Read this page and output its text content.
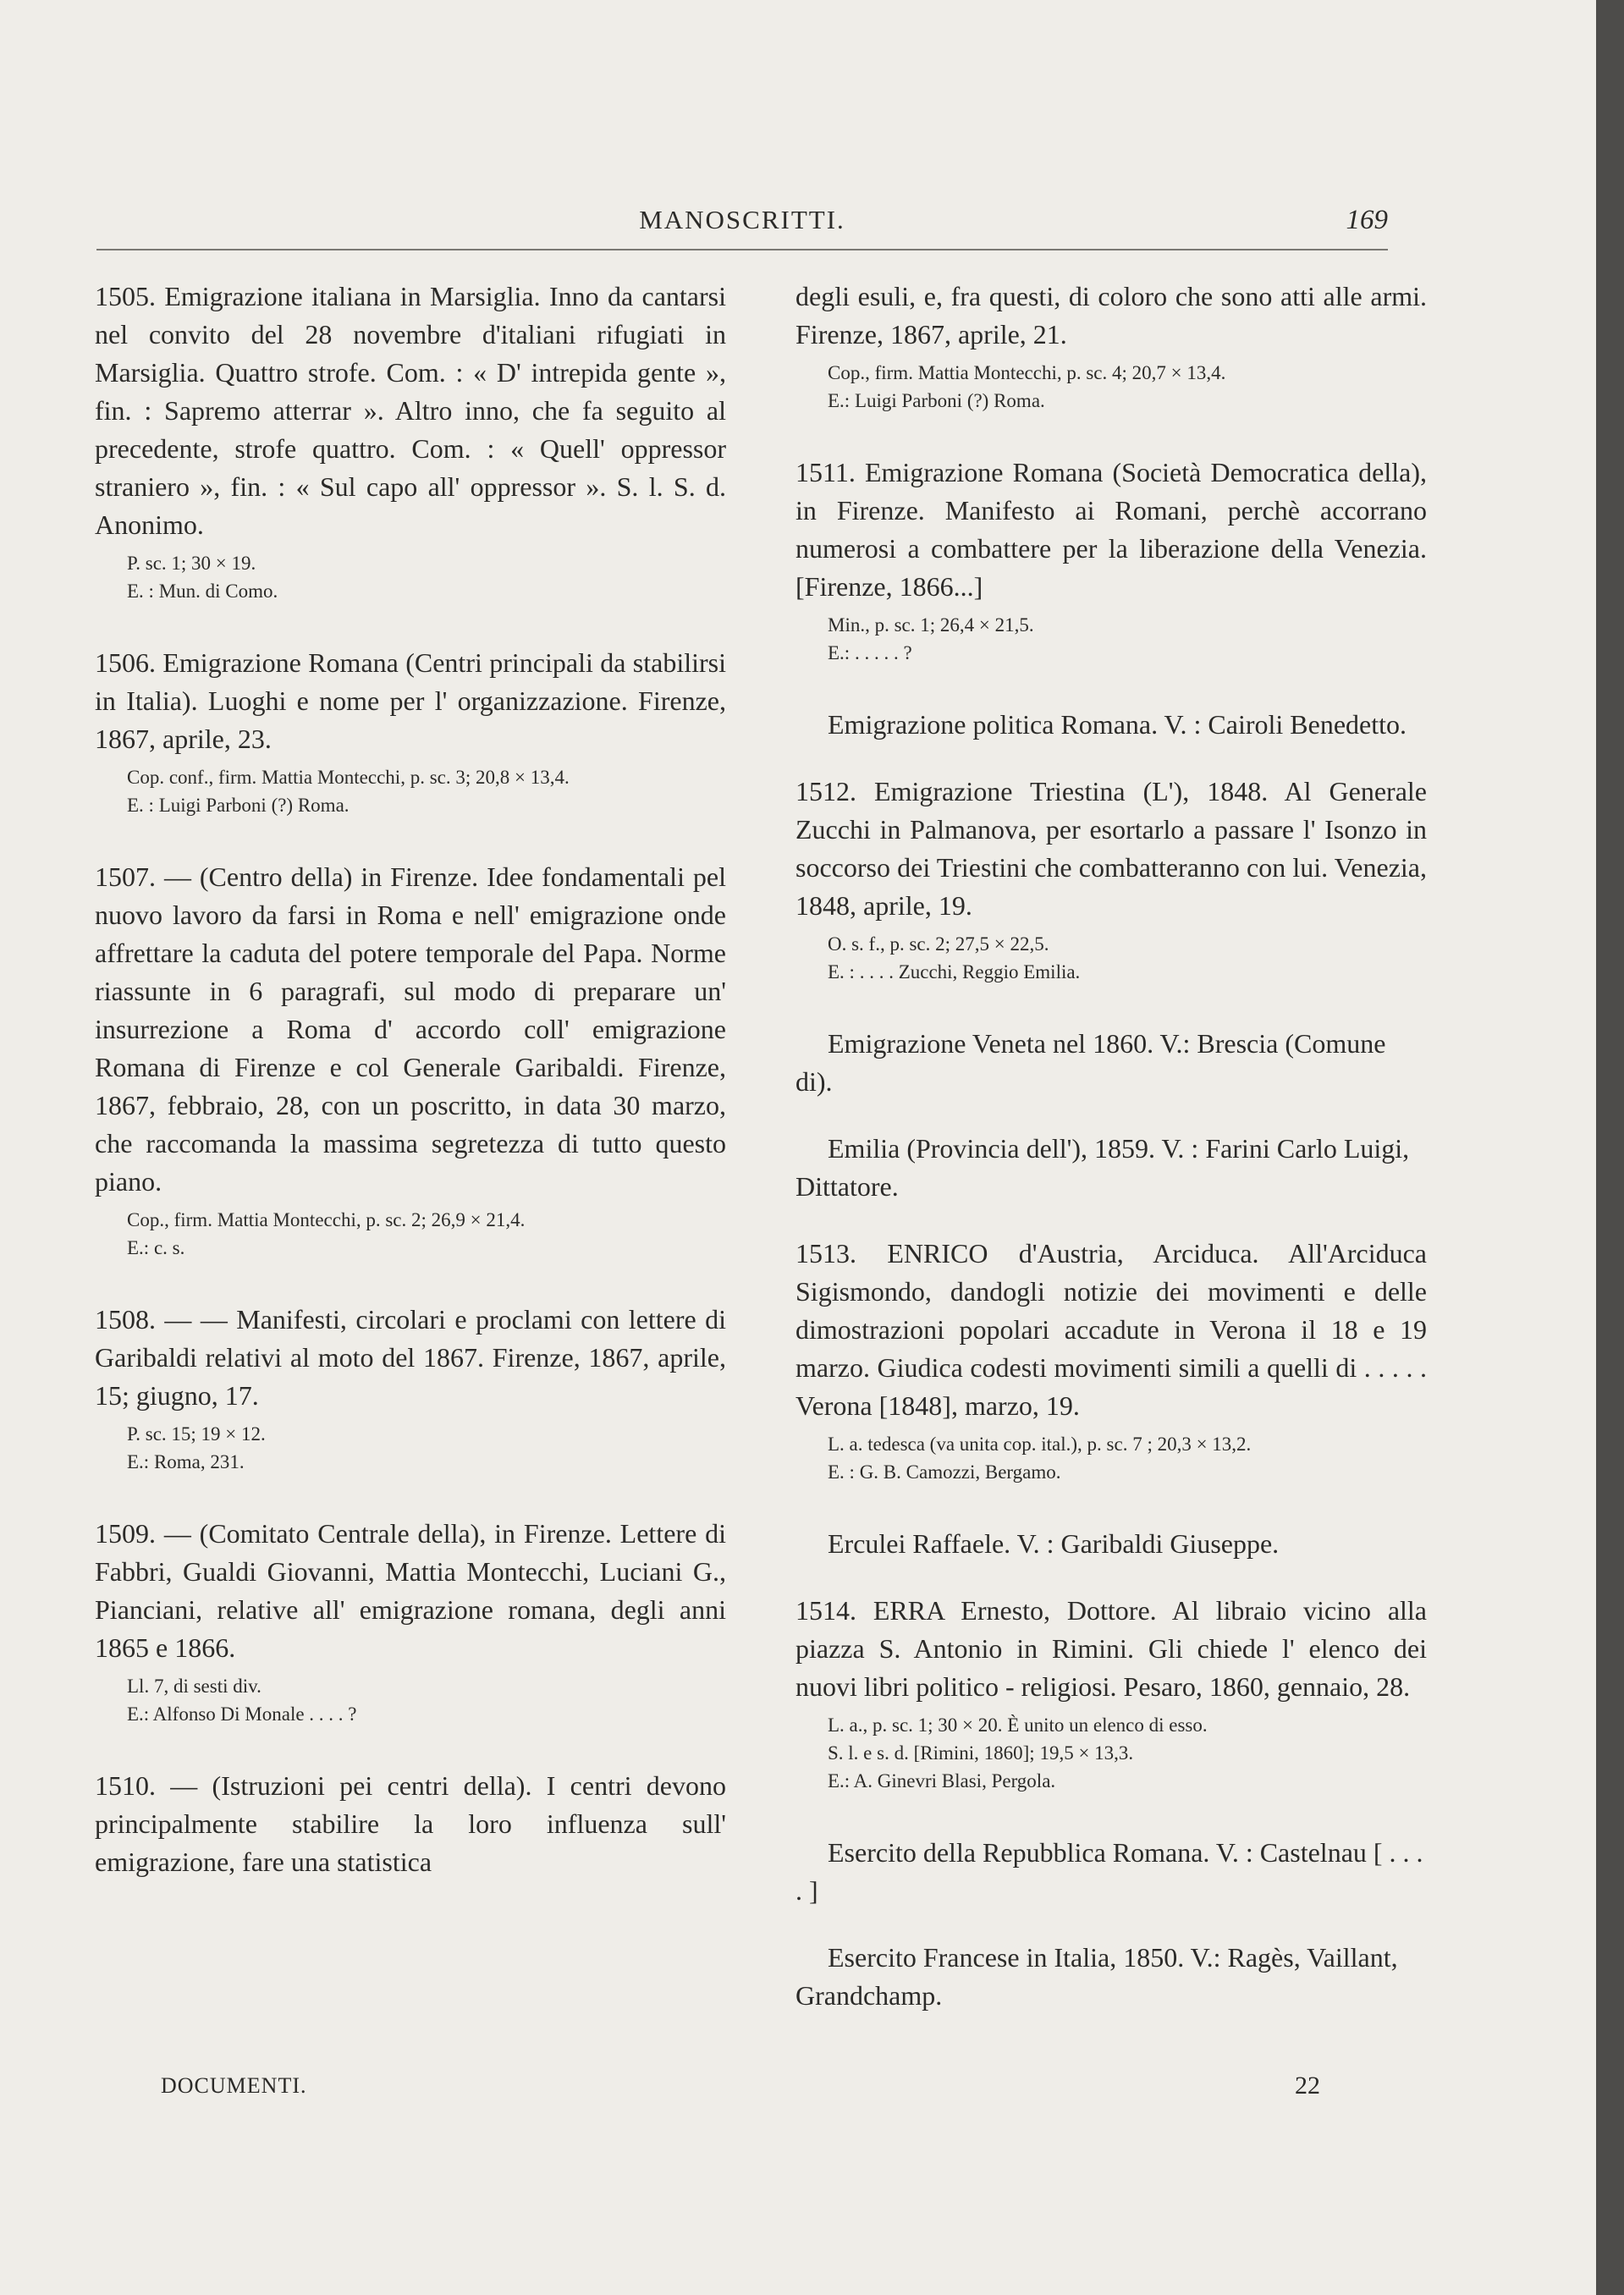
MANOSCRITTI.	169

1505. Emigrazione italiana in Marsiglia. Inno da cantarsi nel convito del 28 novembre d'italiani rifugiati in Marsiglia. Quattro strofe. Com. : « D' intrepida gente », fin. : Sapremo atterrar ». Altro inno, che fa seguito al precedente, strofe quattro. Com. : « Quell' oppressor straniero », fin. : « Sul capo all' oppressor ». S. l. S. d. Anonimo.

P. sc. 1; 30 × 19.
E. : Mun. di Como.

1506. Emigrazione Romana (Centri principali da stabilirsi in Italia). Luoghi e nome per l' organizzazione. Firenze, 1867, aprile, 23.

Cop. conf., firm. Mattia Montecchi, p. sc. 3; 20,8 × 13,4.
E. : Luigi Parboni (?) Roma.

1507. — (Centro della) in Firenze. Idee fondamentali pel nuovo lavoro da farsi in Roma e nell' emigrazione onde affrettare la caduta del potere temporale del Papa. Norme riassunte in 6 paragrafi, sul modo di preparare un' insurrezione a Roma d' accordo coll' emigrazione Romana di Firenze e col Generale Garibaldi. Firenze, 1867, febbraio, 28, con un poscritto, in data 30 marzo, che raccomanda la massima segretezza di tutto questo piano.

Cop., firm. Mattia Montecchi, p. sc. 2; 26,9 × 21,4.
E.: c. s.

1508. — — Manifesti, circolari e proclami con lettere di Garibaldi relativi al moto del 1867. Firenze, 1867, aprile, 15; giugno, 17.

P. sc. 15; 19 × 12.
E.: Roma, 231.

1509. — (Comitato Centrale della), in Firenze. Lettere di Fabbri, Gualdi Giovanni, Mattia Montecchi, Luciani G., Pianciani, relative all' emigrazione romana, degli anni 1865 e 1866.

Ll. 7, di sesti div.
E.: Alfonso Di Monale . . . . ?

1510. — (Istruzioni pei centri della). I centri devono principalmente stabilire la loro influenza sull' emigrazione, fare una statistica

degli esuli, e, fra questi, di coloro che sono atti alle armi. Firenze, 1867, aprile, 21.

Cop., firm. Mattia Montecchi, p. sc. 4; 20,7 × 13,4.
E.: Luigi Parboni (?) Roma.

1511. Emigrazione Romana (Società Democratica della), in Firenze. Manifesto ai Romani, perchè accorrano numerosi a combattere per la liberazione della Venezia. [Firenze, 1866...]

Min., p. sc. 1; 26,4 × 21,5.
E.: . . . . . ?

Emigrazione politica Romana. V. : Cairoli Benedetto.

1512. Emigrazione Triestina (L'), 1848. Al Generale Zucchi in Palmanova, per esortarlo a passare l' Isonzo in soccorso dei Triestini che combatteranno con lui. Venezia, 1848, aprile, 19.

O. s. f., p. sc. 2; 27,5 × 22,5.
E. : . . . . Zucchi, Reggio Emilia.

Emigrazione Veneta nel 1860. V.: Brescia (Comune di).

Emilia (Provincia dell'), 1859. V. : Farini Carlo Luigi, Dittatore.

1513. ENRICO d'Austria, Arciduca. All'Arciduca Sigismondo, dandogli notizie dei movimenti e delle dimostrazioni popolari accadute in Verona il 18 e 19 marzo. Giudica codesti movimenti simili a quelli di . . . . . Verona [1848], marzo, 19.

L. a. tedesca (va unita cop. ital.), p. sc. 7 ; 20,3 × 13,2.
E. : G. B. Camozzi, Bergamo.

Erculei Raffaele. V. : Garibaldi Giuseppe.

1514. ERRA Ernesto, Dottore. Al libraio vicino alla piazza S. Antonio in Rimini. Gli chiede l' elenco dei nuovi libri politico - religiosi. Pesaro, 1860, gennaio, 28.

L. a., p. sc. 1; 30 × 20. È unito un elenco di esso.
S. l. e s. d. [Rimini, 1860]; 19,5 × 13,3.
E.: A. Ginevri Blasi, Pergola.

Esercito della Repubblica Romana. V. : Castelnau [ . . . . ]

Esercito Francese in Italia, 1850. V.: Ragès, Vaillant, Grandchamp.

DOCUMENTI.	22
